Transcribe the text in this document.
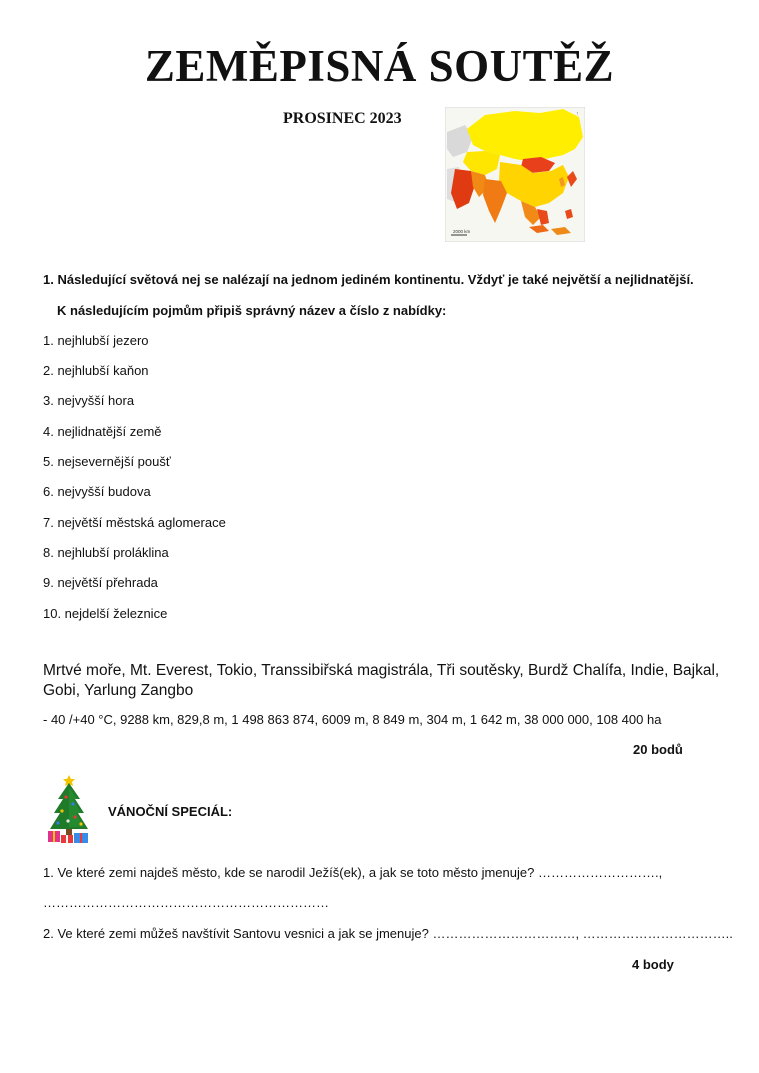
ZEMĚPISNÁ SOUTĚŽ
PROSINEC 2023
2000 km
↑
1. Následující světová nej se nalézají na jednom jediném kontinentu. Vždyť je také největší a nejlidnatější.
K následujícím pojmům připiš správný název a číslo z nabídky:
1. nejhlubší jezero
2. nejhlubší kaňon
3. nejvyšší hora
4. nejlidnatější země
5. nejsevernější poušť
6. nejvyšší budova
7. největší městská aglomerace
8. nejhlubší proláklina
9. největší přehrada
10. nejdelší železnice
Mrtvé moře, Mt. Everest, Tokio, Transsibiřská magistrála, Tři soutěsky, Burdž Chalífa, Indie, Bajkal,
Gobi, Yarlung Zangbo
- 40 /+40 °C, 9288 km, 829,8 m, 1 498 863 874, 6009 m, 8 849 m, 304 m, 1 642 m, 38 000 000, 108 400 ha
20 bodů
VÁNOČNÍ SPECIÁL:
1. Ve které zemi najdeš město, kde se narodil Ježíš(ek), a jak se toto město jmenuje? ……………………….,
…………………………………………………………
2. Ve které zemi můžeš navštívit Santovu vesnici a jak se jmenuje? ……………………………, ……………………………..
4 body
